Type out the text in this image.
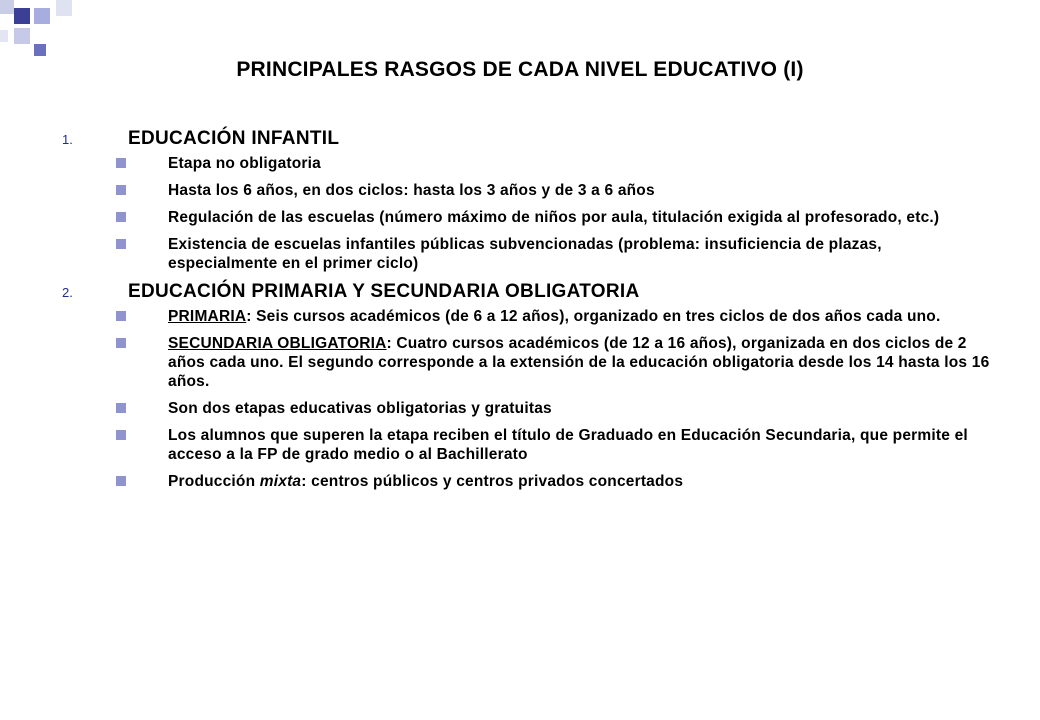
PRINCIPALES RASGOS DE CADA NIVEL EDUCATIVO (I)
1.	EDUCACIÓN INFANTIL
Etapa no obligatoria
Hasta los 6 años, en dos ciclos: hasta los 3 años y de 3 a 6 años
Regulación de las escuelas (número máximo de niños por aula, titulación exigida al profesorado, etc.)
Existencia de escuelas infantiles públicas subvencionadas (problema: insuficiencia de plazas, especialmente en el primer ciclo)
2.	EDUCACIÓN PRIMARIA Y SECUNDARIA OBLIGATORIA
PRIMARIA: Seis cursos académicos (de 6 a 12 años), organizado en tres ciclos de dos años cada uno.
SECUNDARIA OBLIGATORIA: Cuatro cursos académicos (de 12 a 16 años), organizada en dos ciclos de 2 años cada uno. El segundo corresponde a la extensión de la educación obligatoria desde los 14 hasta los 16 años.
Son dos etapas educativas obligatorias y gratuitas
Los alumnos que superen la etapa reciben el título de Graduado en Educación Secundaria, que permite el acceso a la FP de grado medio o al Bachillerato
Producción mixta: centros públicos y centros privados concertados
